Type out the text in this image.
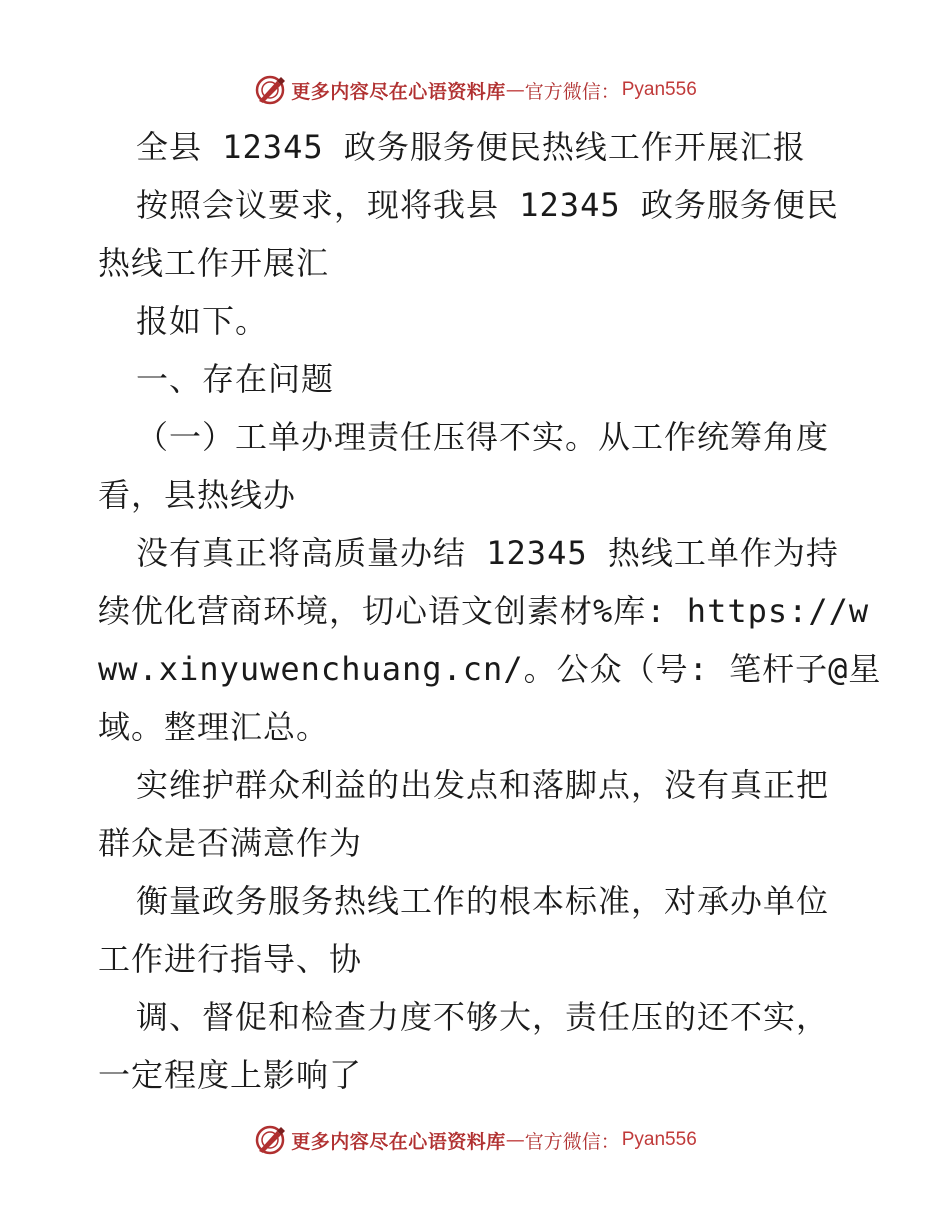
更多内容尽在心语资料库 — 官方微信： Pyan556
全县 12345 政务服务便民热线工作开展汇报
按照会议要求，现将我县 12345 政务服务便民
热线工作开展汇
报如下。
一、存在问题
（一）工单办理责任压得不实。从工作统筹角度
看，县热线办
没有真正将高质量办结 12345 热线工单作为持
续优化营商环境，切心语文创素材%库: https://w
ww.xinyuwenchuang.cn/。公众（号: 笔杆子@星
域。整理汇总。
实维护群众利益的出发点和落脚点，没有真正把
群众是否满意作为
衡量政务服务热线工作的根本标准，对承办单位
工作进行指导、协
调、督促和检查力度不够大，责任压的还不实，
一定程度上影响了
更多内容尽在心语资料库 — 官方微信： Pyan556
